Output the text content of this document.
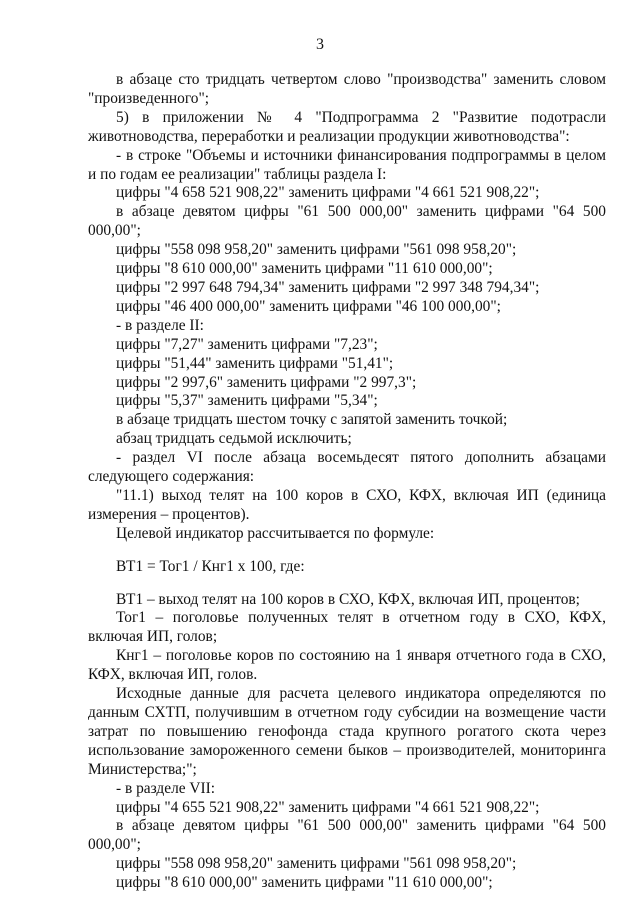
3

в абзаце сто тридцать четвертом слово "производства" заменить словом "произведенного";

5) в приложении № 4 "Подпрограмма 2 "Развитие подотрасли животноводства, переработки и реализации продукции животноводства":

- в строке "Объемы и источники финансирования подпрограммы в целом и по годам ее реализации" таблицы раздела I:

цифры "4 658 521 908,22" заменить цифрами "4 661 521 908,22";

в абзаце девятом цифры "61 500 000,00" заменить цифрами "64 500 000,00";

цифры "558 098 958,20" заменить цифрами "561 098 958,20";

цифры "8 610 000,00" заменить цифрами "11 610 000,00";

цифры "2 997 648 794,34" заменить цифрами "2 997 348 794,34";

цифры "46 400 000,00" заменить цифрами "46 100 000,00";

- в разделе II:

цифры "7,27" заменить цифрами "7,23";

цифры "51,44" заменить цифрами "51,41";

цифры "2 997,6" заменить цифрами "2 997,3";

цифры "5,37" заменить цифрами "5,34";

в абзаце тридцать шестом точку с запятой заменить точкой;

абзац тридцать седьмой исключить;

- раздел VI после абзаца восемьдесят пятого дополнить абзацами следующего содержания:

"11.1) выход телят на 100 коров в СХО, КФХ, включая ИП (единица измерения – процентов).

Целевой индикатор рассчитывается по формуле:

ВТ1 = Тог1 / Кнг1 х 100, где:

ВТ1 – выход телят на 100 коров в СХО, КФХ, включая ИП, процентов;

Тог1 – поголовье полученных телят в отчетном году в СХО, КФХ, включая ИП, голов;

Кнг1 – поголовье коров по состоянию на 1 января отчетного года в СХО, КФХ, включая ИП, голов.

Исходные данные для расчета целевого индикатора определяются по данным СХТП, получившим в отчетном году субсидии на возмещение части затрат по повышению генофонда стада крупного рогатого скота через использование замороженного семени быков – производителей, мониторинга Министерства;";

- в разделе VII:

цифры "4 655 521 908,22" заменить цифрами "4 661 521 908,22";

в абзаце девятом цифры "61 500 000,00" заменить цифрами "64 500 000,00";

цифры "558 098 958,20" заменить цифрами "561 098 958,20";

цифры "8 610 000,00" заменить цифрами "11 610 000,00";
